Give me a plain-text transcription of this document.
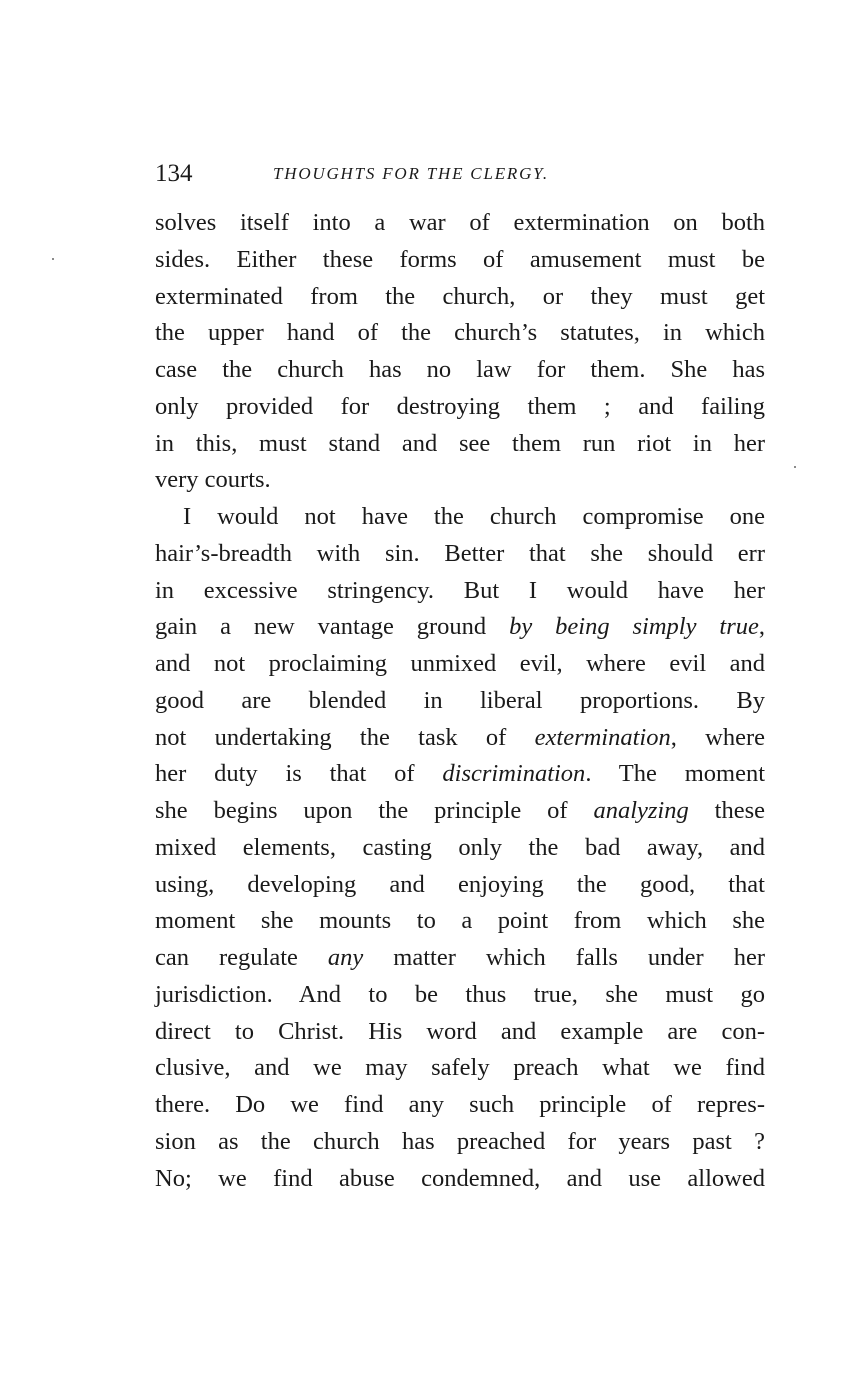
134	THOUGHTS FOR THE CLERGY.
solves itself into a war of extermination on both
sides. Either these forms of amusement must be
exterminated from the church, or they must get
the upper hand of the church’s statutes, in which
case the church has no law for them. She has
only provided for destroying them ; and failing
in this, must stand and see them run riot in her
very courts.
I would not have the church compromise one
hair’s-breadth with sin. Better that she should err
in excessive stringency. But I would have her
gain a new vantage ground by being simply true,
and not proclaiming unmixed evil, where evil and
good are blended in liberal proportions. By
not undertaking the task of extermination, where
her duty is that of discrimination. The moment
she begins upon the principle of analyzing these
mixed elements, casting only the bad away, and
using, developing and enjoying the good, that
moment she mounts to a point from which she
can regulate any matter which falls under her
jurisdiction. And to be thus true, she must go
direct to Christ. His word and example are con-
clusive, and we may safely preach what we find
there. Do we find any such principle of repres-
sion as the church has preached for years past ?
No; we find abuse condemned, and use allowed
